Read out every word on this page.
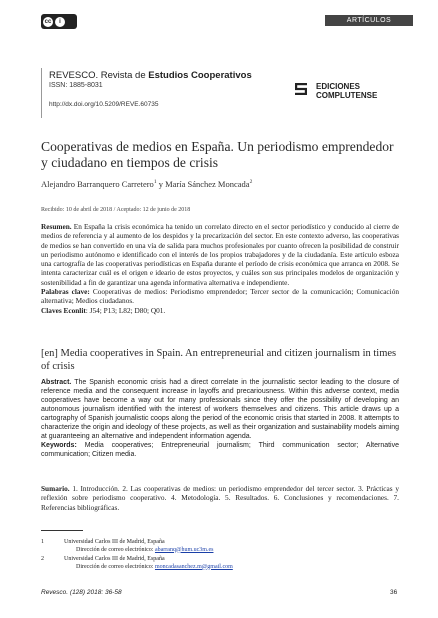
cc	i	ARTÍCULOS
REVESCO. Revista de Estudios Cooperativos
ISSN: 1885-8031
http://dx.doi.org/10.5209/REVE.60735
EDICIONES
COMPLUTENSE
Cooperativas de medios en España. Un periodismo emprendedor y ciudadano en tiempos de crisis
Alejandro Barranquero Carretero$^1$ y María Sánchez Moncada$^2$
Recibido: 10 de abril de 2018 / Aceptado: 12 de junio de 2018
Resumen. En España la crisis económica ha tenido un correlato directo en el sector periodístico y conducido al cierre de medios de referencia y al aumento de los despidos y la precarización del sector. En este contexto adverso, las cooperativas de medios se han convertido en una vía de salida para muchos profesionales por cuanto ofrecen la posibilidad de construir un periodismo autónomo e identificado con el interés de los propios trabajadores y de la ciudadanía. Este artículo esboza una cartografía de las cooperativas periodísticas en España durante el período de crisis económica que arranca en 2008. Se intenta caracterizar cuál es el origen e ideario de estos proyectos, y cuáles son sus principales modelos de organización y sostenibilidad a fin de garantizar una agenda informativa alternativa e independiente.
Palabras clave: Cooperativas de medios: Periodismo emprendedor; Tercer sector de la comunicación; Comunicación alternativa; Medios ciudadanos.
Claves Econlit: J54; P13; L82; D80; Q01.
[en] Media cooperatives in Spain. An entrepreneurial and citizen journalism in times of crisis
Abstract. The Spanish economic crisis had a direct correlate in the journalistic sector leading to the closure of reference media and the consequent increase in layoffs and precariousness. Within this adverse context, media cooperatives have become a way out for many professionals since they offer the possibility of developing an autonomous journalism identified with the interest of workers themselves and citizens. This article draws up a cartography of Spanish journalistic coops along the period of the economic crisis that started in 2008. It attempts to characterize the origin and ideology of these projects, as well as their organization and sustainability models aiming at guaranteeing an alternative and independent information agenda.
Keywords: Media cooperatives; Entrepreneurial journalism; Third communication sector; Alternative communication; Citizen media.
Sumario. 1. Introducción. 2. Las cooperativas de medios: un periodismo emprendedor del tercer sector. 3. Prácticas y reflexión sobre periodismo cooperativo. 4. Metodología. 5. Resultados. 6. Conclusiones y recomendaciones. 7. Referencias bibliográficas.
1	Universidad Carlos III de Madrid, España
Dirección de correo electrónico: abarranq@hum.uc3m.es
2	Universidad Carlos III de Madrid, España
Dirección de correo electrónico: moncadasanchez.m@gmail.com
Revesco. (128) 2018: 36-58	36
